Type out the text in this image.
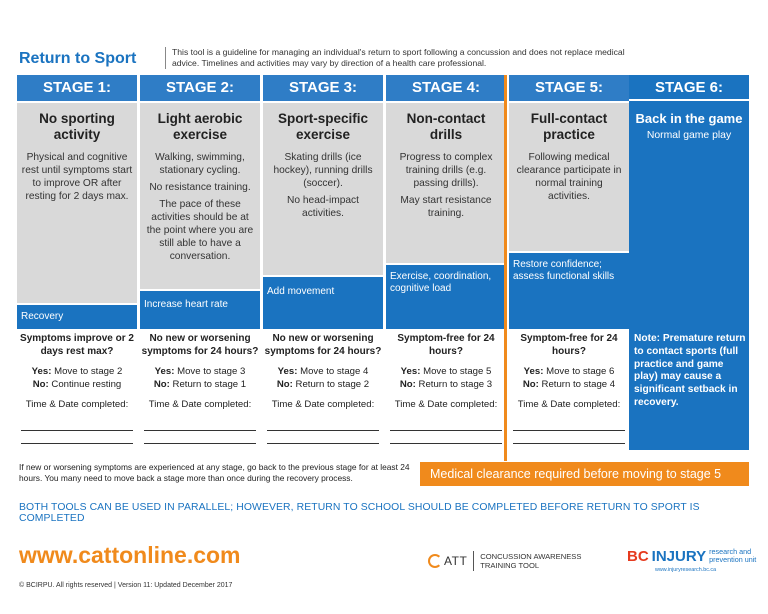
Return to Sport	This tool is a guideline for managing an individual's return to sport following a concussion and does not replace medical advice. Timelines and activities may vary by direction of a health care professional.
STAGE 1:
No sporting activity
Physical and cognitive rest until symptoms start to improve OR after resting for 2 days max.
Recovery
Symptoms improve or 2 days rest max?
Yes: Move to stage 2
No: Continue resting
Time & Date completed:
STAGE 2:
Light aerobic exercise
Walking, swimming, stationary cycling.
No resistance training.
The pace of these activities should be at the point where you are still able to have a conversation.
Increase heart rate
No new or worsening symptoms for 24 hours?
Yes: Move to stage 3
No: Return to stage 1
Time & Date completed:
STAGE 3:
Sport-specific exercise
Skating drills (ice hockey), running drills (soccer).
No head-impact activities.
Add movement
No new or worsening symptoms for 24 hours?
Yes: Move to stage 4
No: Return to stage 2
Time & Date completed:
STAGE 4:
Non-contact drills
Progress to complex training drills (e.g. passing drills).
May start resistance training.
Exercise, coordination, cognitive load
Symptom-free for 24 hours?
Yes: Move to stage 5
No: Return to stage 3
Time & Date completed:
STAGE 5:
Full-contact practice
Following medical clearance participate in normal training activities.
Restore confidence; assess functional skills
Symptom-free for 24 hours?
Yes: Move to stage 6
No: Return to stage 4
Time & Date completed:
STAGE 6:
Back in the game
Normal game play
Note: Premature return to contact sports (full practice and game play) may cause a significant setback in recovery.
If new or worsening symptoms are experienced at any stage, go back to the previous stage for at least 24 hours. You many need to move back a stage more than once during the recovery process.	Medical clearance required before moving to stage 5
BOTH TOOLS CAN BE USED IN PARALLEL; HOWEVER, RETURN TO SCHOOL SHOULD BE COMPLETED BEFORE RETURN TO SPORT IS COMPLETED
www.cattonline.com
© BCIRPU. All rights reserved | Version 11: Updated December 2017
ATT CONCUSSION AWARENESS
TRAINING TOOL
BC INJURY research and
prevention unit
www.injuryresearch.bc.ca
